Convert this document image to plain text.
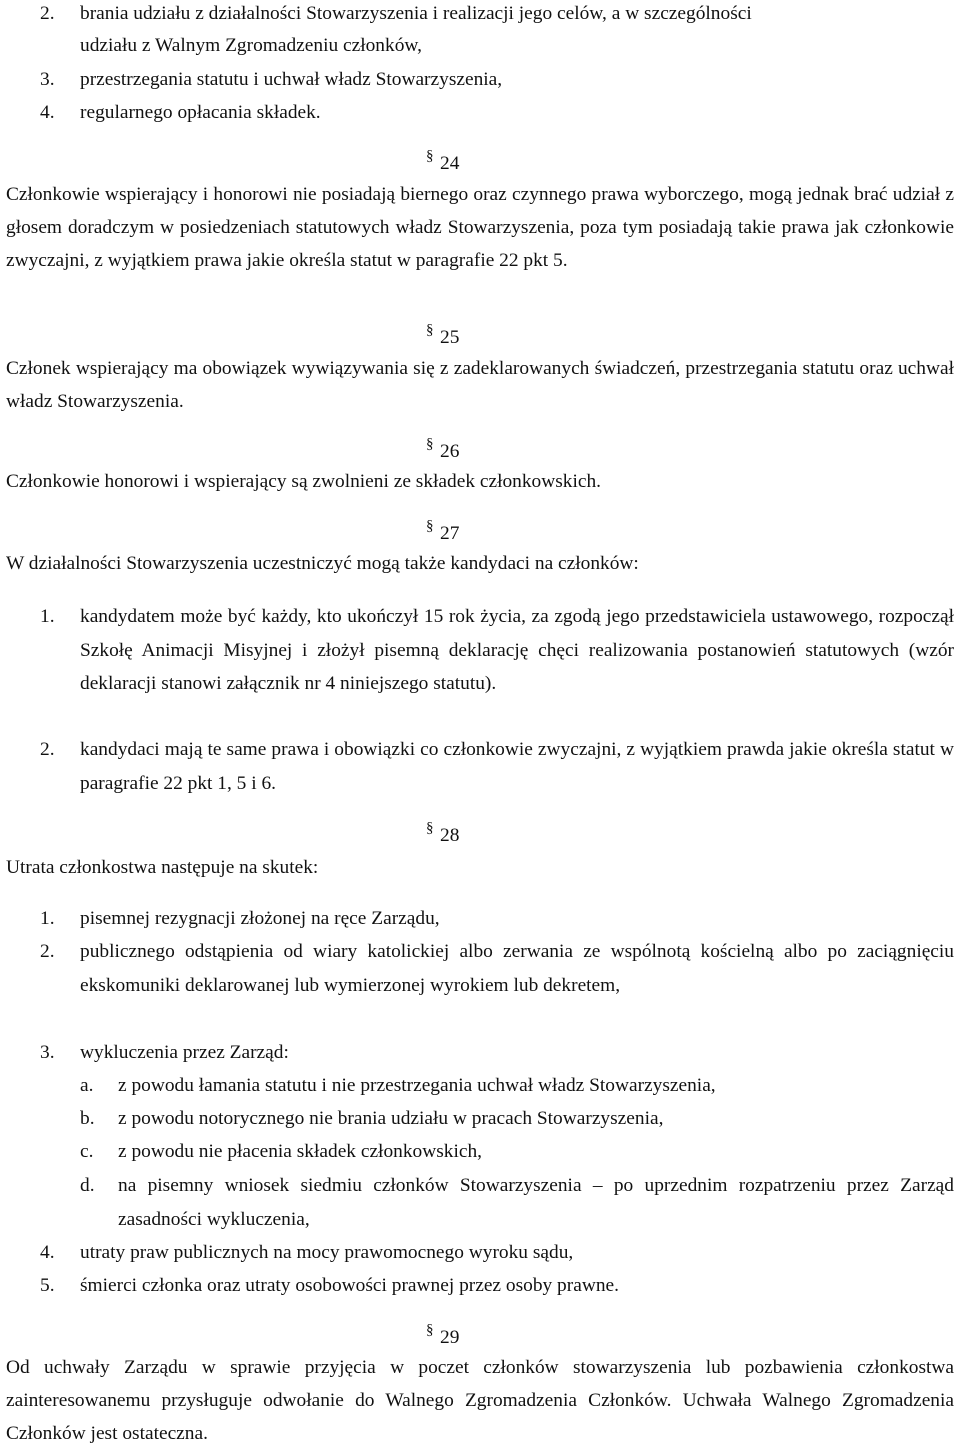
2. brania udziału z działalności Stowarzyszenia i realizacji jego celów, a w szczególności

udziału z Walnym Zgromadzeniu członków,

3. przestrzegania statutu i uchwał władz Stowarzyszenia,

4. regularnego opłacania składek.

§ 24

Członkowie wspierający i honorowi nie posiadają biernego oraz czynnego prawa wyborczego, mogą jednak brać udział z głosem doradczym w posiedzeniach statutowych władz Stowarzyszenia, poza tym posiadają takie prawa jak członkowie zwyczajni, z wyjątkiem prawa jakie określa statut w paragrafie 22 pkt 5.

§ 25

Członek wspierający ma obowiązek wywiązywania się z zadeklarowanych świadczeń, przestrzegania statutu oraz uchwał władz Stowarzyszenia.

§ 26

Członkowie honorowi i wspierający są zwolnieni ze składek członkowskich.

§ 27

W działalności Stowarzyszenia uczestniczyć mogą także kandydaci na członków:

1. kandydatem może być każdy, kto ukończył 15 rok życia, za zgodą jego przedstawiciela ustawowego, rozpoczął Szkołę Animacji Misyjnej i złożył pisemną deklarację chęci realizowania postanowień statutowych (wzór deklaracji stanowi załącznik nr 4 niniejszego statutu).

2. kandydaci mają te same prawa i obowiązki co członkowie zwyczajni, z wyjątkiem prawda jakie określa statut w paragrafie 22 pkt 1, 5 i 6.

§ 28

Utrata członkostwa następuje na skutek:

1. pisemnej rezygnacji złożonej na ręce Zarządu,

2. publicznego odstąpienia od wiary katolickiej albo zerwania ze wspólnotą kościelną albo po zaciągnięciu ekskomuniki deklarowanej lub wymierzonej wyrokiem lub dekretem,

3. wykluczenia przez Zarząd:

a. z powodu łamania statutu i nie przestrzegania uchwał władz Stowarzyszenia,

b. z powodu notorycznego nie brania udziału w pracach Stowarzyszenia,

c. z powodu nie płacenia składek członkowskich,

d. na pisemny wniosek siedmiu członków Stowarzyszenia – po uprzednim rozpatrzeniu przez Zarząd zasadności wykluczenia,

4. utraty praw publicznych na mocy prawomocnego wyroku sądu,

5. śmierci członka oraz utraty osobowości prawnej przez osoby prawne.

§ 29

Od uchwały Zarządu w sprawie przyjęcia w poczet członków stowarzyszenia lub pozbawienia członkostwa zainteresowanemu przysługuje odwołanie do Walnego Zgromadzenia Członków. Uchwała Walnego Zgromadzenia Członków jest ostateczna.
